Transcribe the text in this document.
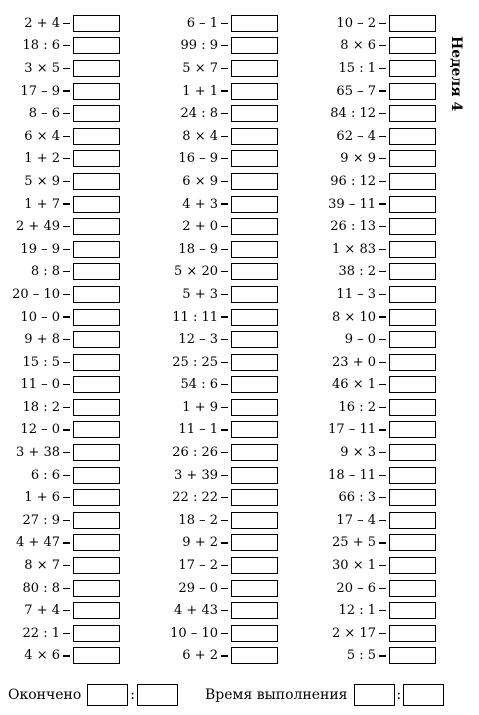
2 + 4
18 : 6
3 × 5
17 – 9
8 – 6
6 × 4
1 + 2
5 × 9
1 + 7
2 + 49
19 – 9
8 : 8
20 – 10
10 – 0
9 + 8
15 : 5
11 – 0
18 : 2
12 – 0
3 + 38
6 : 6
1 + 6
27 : 9
4 + 47
8 × 7
80 : 8
7 + 4
22 : 1
4 × 6
6 – 1
99 : 9
5 × 7
1 + 1
24 : 8
8 × 4
16 – 9
6 × 9
4 + 3
2 + 0
18 – 9
5 × 20
5 + 3
11 : 11
12 – 3
25 : 25
54 : 6
1 + 9
11 – 1
26 : 26
3 + 39
22 : 22
18 – 2
9 + 2
17 – 2
29 – 0
4 + 43
10 – 10
6 + 2
10 – 2
8 × 6
15 : 1
65 – 7
84 : 12
62 – 4
9 × 9
96 : 12
39 – 11
26 : 13
1 × 83
38 : 2
11 – 3
8 × 10
9 – 0
23 + 0
46 × 1
16 : 2
17 – 11
9 × 3
18 – 11
66 : 3
17 – 4
25 + 5
30 × 1
20 – 6
12 : 1
2 × 17
5 : 5
Неделя 4
Окончено	:	Время выполнения	:
